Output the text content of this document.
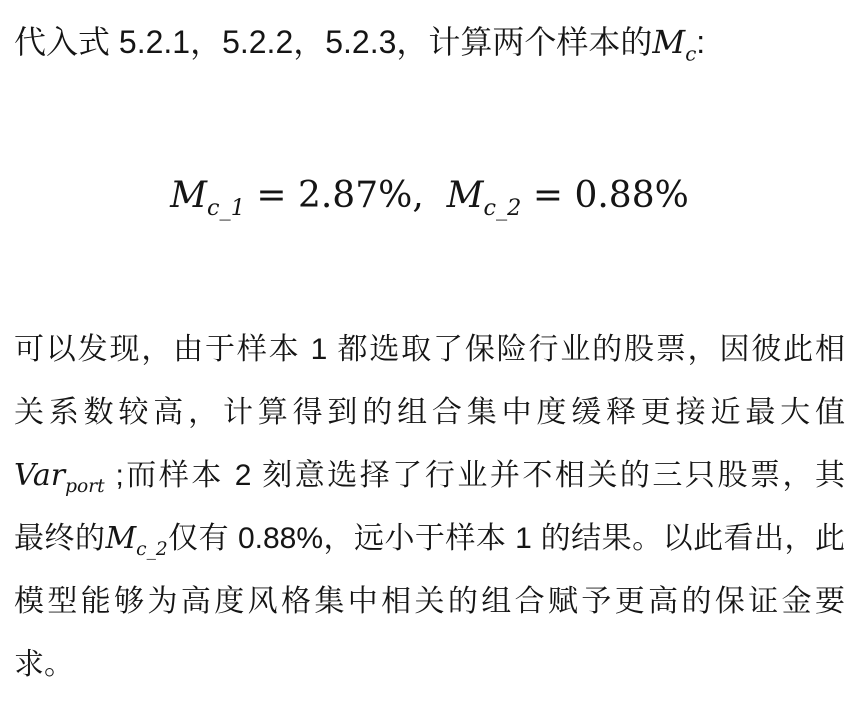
代入式 5.2.1，5.2.2，5.2.3，计算两个样本的$M_c$:

$M_{c\_1} = 2.87\%$,  $M_{c\_2} = 0.88\%$
可以发现，由于样本 1 都选取了保险行业的股票，因彼此相
关系数较高，计算得到的组合集中度缓释更接近最大值
Var$_{port}$ ;而样本 2 刻意选择了行业并不相关的三只股票，其
最终的$M_{c\_2}$仅有 0.88%，远小于样本 1 的结果。以此看出，此
模型能够为高度风格集中相关的组合赋予更高的保证金要
求。
